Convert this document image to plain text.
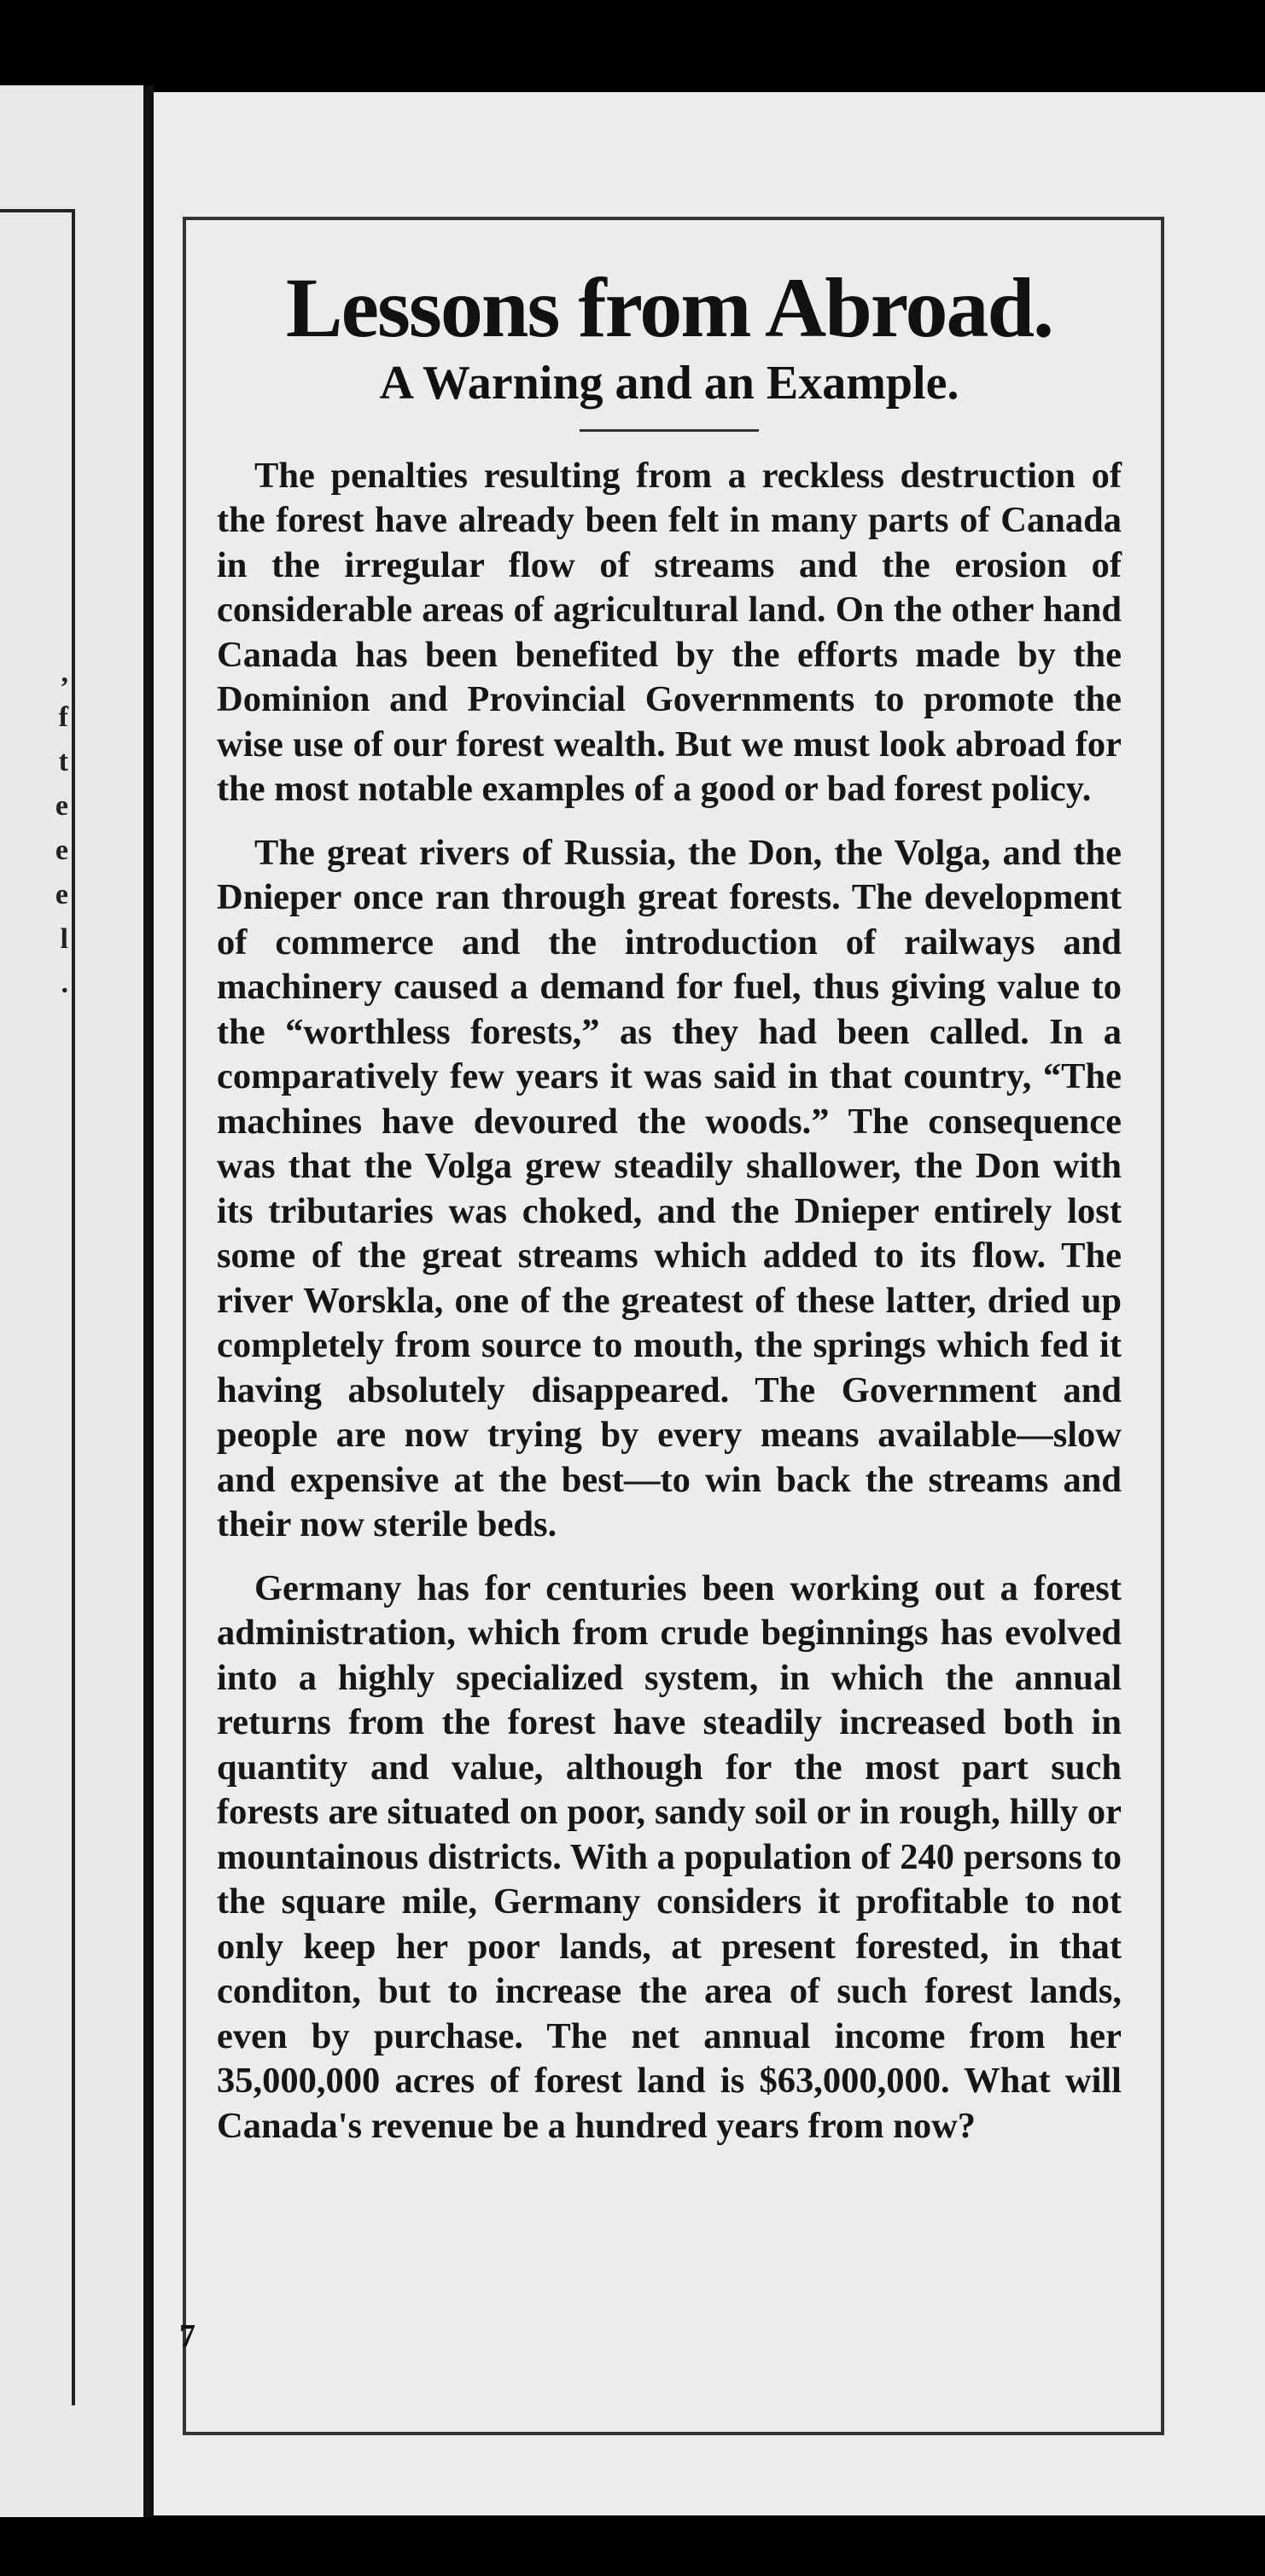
,
f
t
e
e
e
l
.
Lessons from Abroad.
A Warning and an Example.

The penalties resulting from a reckless destruction of the forest have already been felt in many parts of Canada in the irregular flow of streams and the erosion of considerable areas of agricultural land. On the other hand Canada has been benefited by the efforts made by the Dominion and Provincial Governments to promote the wise use of our forest wealth. But we must look abroad for the most notable examples of a good or bad forest policy.

The great rivers of Russia, the Don, the Volga, and the Dnieper once ran through great forests. The development of commerce and the introduction of railways and machinery caused a demand for fuel, thus giving value to the “worthless forests,” as they had been called. In a comparatively few years it was said in that country, “The machines have devoured the woods.” The consequence was that the Volga grew steadily shallower, the Don with its tributaries was choked, and the Dnieper entirely lost some of the great streams which added to its flow. The river Worskla, one of the greatest of these latter, dried up completely from source to mouth, the springs which fed it having absolutely disappeared. The Government and people are now trying by every means available—slow and expensive at the best—to win back the streams and their now sterile beds.

Germany has for centuries been working out a forest administration, which from crude beginnings has evolved into a highly specialized system, in which the annual returns from the forest have steadily increased both in quantity and value, although for the most part such forests are situated on poor, sandy soil or in rough, hilly or mountainous districts. With a population of 240 persons to the square mile, Germany considers it profitable to not only keep her poor lands, at present forested, in that conditon, but to increase the area of such forest lands, even by purchase. The net annual income from her 35,000,000 acres of forest land is $63,000,000. What will Canada's revenue be a hundred years from now?

7
